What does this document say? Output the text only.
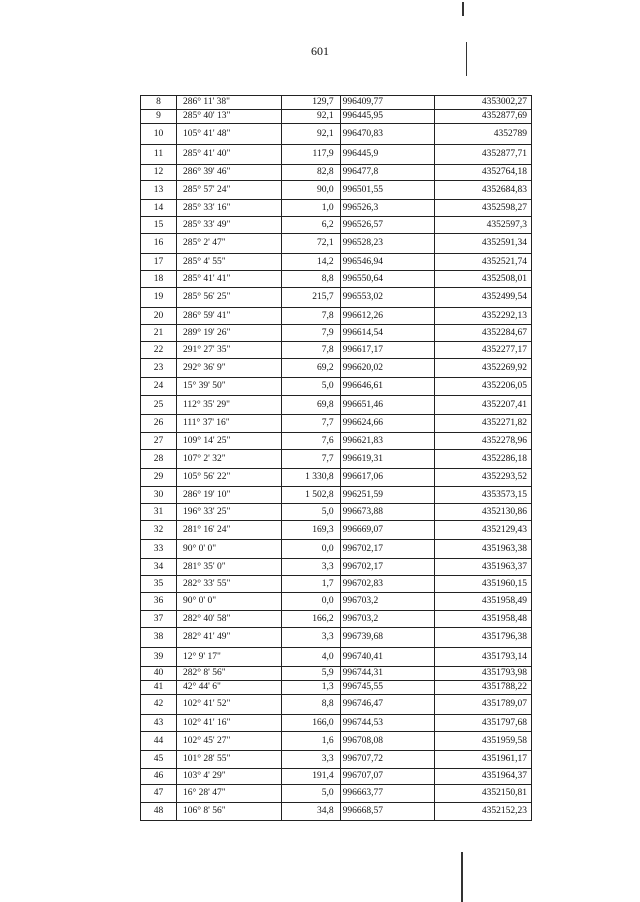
601
8	286° 11' 38"	129,7	996409,77	4353002,27
9	285° 40' 13"	92,1	996445,95	4352877,69
10	105° 41' 48"	92,1	996470,83	4352789
11	285° 41' 40"	117,9	996445,9	4352877,71
12	286° 39' 46"	82,8	996477,8	4352764,18
13	285° 57' 24"	90,0	996501,55	4352684,83
14	285° 33' 16"	1,0	996526,3	4352598,27
15	285° 33' 49"	6,2	996526,57	4352597,3
16	285° 2' 47"	72,1	996528,23	4352591,34
17	285° 4' 55"	14,2	996546,94	4352521,74
18	285° 41' 41"	8,8	996550,64	4352508,01
19	285° 56' 25"	215,7	996553,02	4352499,54
20	286° 59' 41"	7,8	996612,26	4352292,13
21	289° 19' 26"	7,9	996614,54	4352284,67
22	291° 27' 35"	7,8	996617,17	4352277,17
23	292° 36' 9"	69,2	996620,02	4352269,92
24	15° 39' 50"	5,0	996646,61	4352206,05
25	112° 35' 29"	69,8	996651,46	4352207,41
26	111° 37' 16"	7,7	996624,66	4352271,82
27	109° 14' 25"	7,6	996621,83	4352278,96
28	107° 2' 32"	7,7	996619,31	4352286,18
29	105° 56' 22"	1 330,8	996617,06	4352293,52
30	286° 19' 10"	1 502,8	996251,59	4353573,15
31	196° 33' 25"	5,0	996673,88	4352130,86
32	281° 16' 24"	169,3	996669,07	4352129,43
33	90° 0' 0"	0,0	996702,17	4351963,38
34	281° 35' 0"	3,3	996702,17	4351963,37
35	282° 33' 55"	1,7	996702,83	4351960,15
36	90° 0' 0"	0,0	996703,2	4351958,49
37	282° 40' 58"	166,2	996703,2	4351958,48
38	282° 41' 49"	3,3	996739,68	4351796,38
39	12° 9' 17"	4,0	996740,41	4351793,14
40	282° 8' 56"	5,9	996744,31	4351793,98
41	42° 44' 6"	1,3	996745,55	4351788,22
42	102° 41' 52"	8,8	996746,47	4351789,07
43	102° 41' 16"	166,0	996744,53	4351797,68
44	102° 45' 27"	1,6	996708,08	4351959,58
45	101° 28' 55"	3,3	996707,72	4351961,17
46	103° 4' 29"	191,4	996707,07	4351964,37
47	16° 28' 47"	5,0	996663,77	4352150,81
48	106° 8' 56"	34,8	996668,57	4352152,23
